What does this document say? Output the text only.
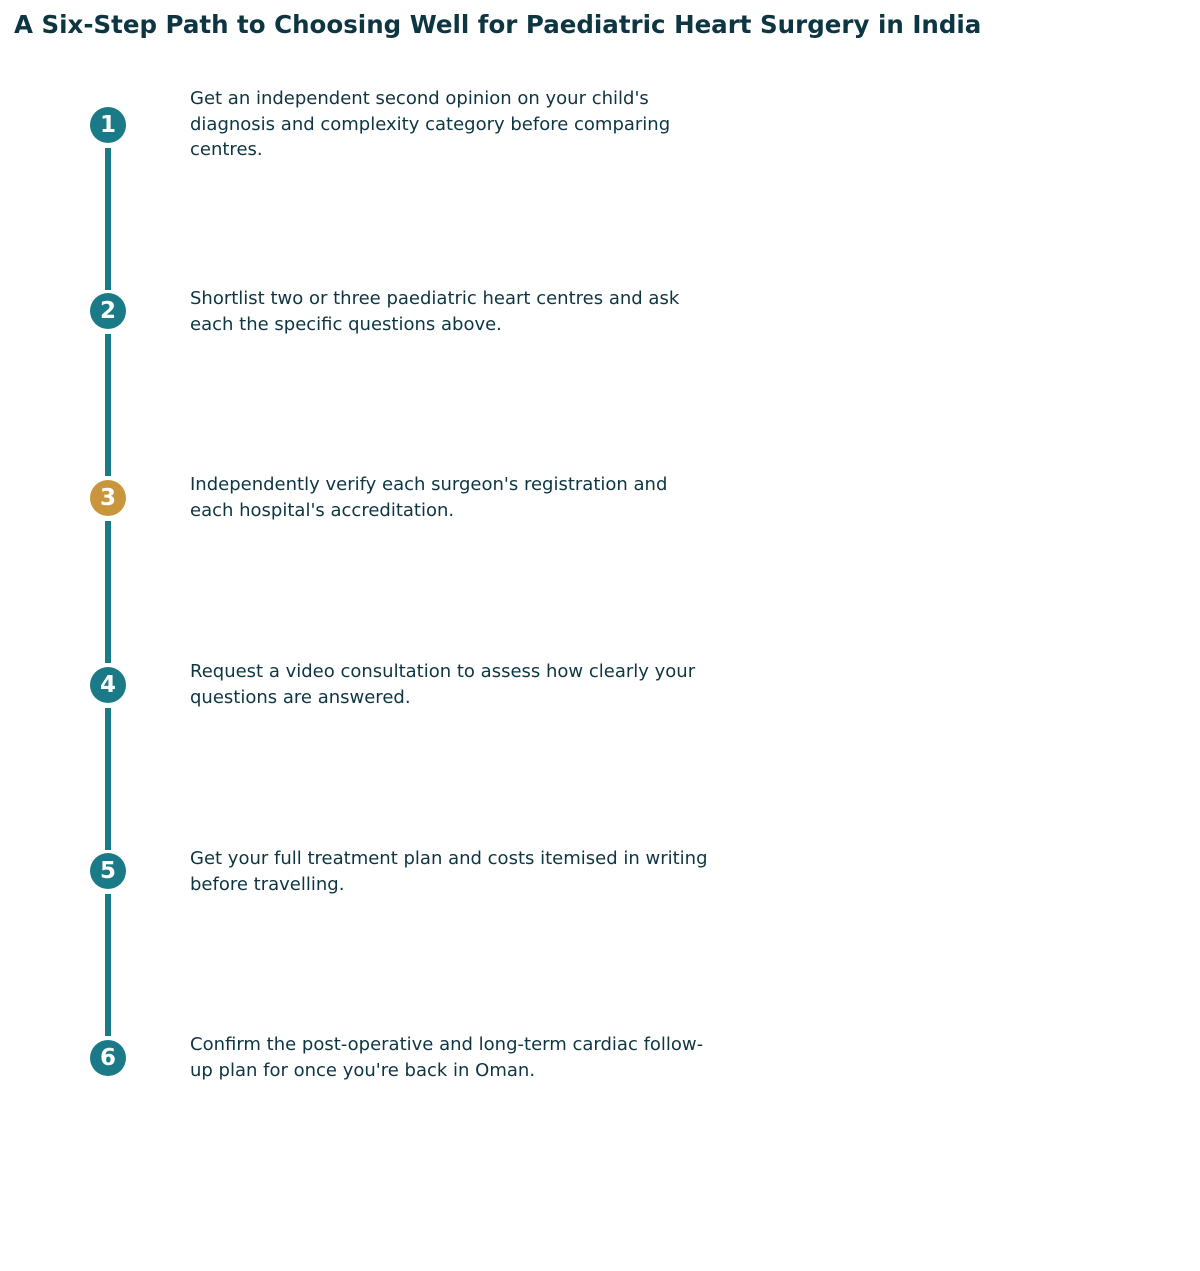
A Six-Step Path to Choosing Well for Paediatric Heart Surgery in India
1

Get an independent second opinion on your child's diagnosis and complexity category before comparing centres.

2	Shortlist two or three paediatric heart centres and ask each the specific questions above.

3

Independently verify each surgeon's registration and each hospital's accreditation.

4

Request a video consultation to assess how clearly your questions are answered.

5	Get your full treatment plan and costs itemised in writing before travelling.

6

Confirm the post-operative and long-term cardiac follow-up plan for once you're back in Oman.
